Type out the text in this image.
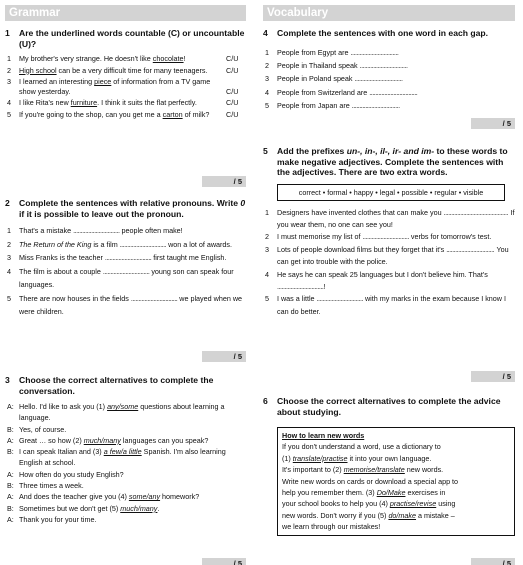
Grammar
1	Are the underlined words countable (C) or uncountable (U)?
1	My brother's very strange. He doesn't like chocolate!	C/U
2	High school can be a very difficult time for many teenagers.	C/U
3	I learned an interesting piece of information from a TV game show yesterday.	C/U
4	I like Rita's new furniture. I think it suits the flat perfectly.	C/U
5	If you're going to the shop, can you get me a carton of milk?	C/U
/ 5
2	Complete the sentences with relative pronouns. Write 0 if it is possible to leave out the pronoun.
1	That's a mistake ............................... people often make!
2	The Return of the King is a film ............................... won a lot of awards.
3	Miss Franks is the teacher ............................... first taught me English.
4	The film is about a couple ............................... young son can speak four languages.
5	There are now houses in the fields ............................... we played when we were children.
/ 5
3	Choose the correct alternatives to complete the conversation.
A: Hello. I'd like to ask you (1) any/some questions about learning a language.
B: Yes, of course.
A: Great … so how (2) much/many languages can you speak?
B: I can speak Italian and (3) a few/a little Spanish. I'm also learning English at school.
A: How often do you study English?
B: Three times a week.
A: And does the teacher give you (4) some/any homework?
B: Sometimes but we don't get (5) much/many.
A: Thank you for your time.
/ 5
Vocabulary
4	Complete the sentences with one word in each gap.
1	People from Egypt are ................................
2	People in Thailand speak ................................
3	People in Poland speak ................................
4	People from Switzerland are ................................
5	People from Japan are ................................
/ 5
5	Add the prefixes un-, in-, il-, ir- and im- to these words to make negative adjectives. Complete the sentences with the adjectives. There are two extra words.
correct • formal • happy • legal • possible • regular • visible
1	Designers have invented clothes that can make you ........................................... If you wear them, no one can see you!
2	I must memorise my list of ............................... verbs for tomorrow's test.
3	Lots of people download films but they forget that it's ................................ You can get into trouble with the police.
4	He says he can speak 25 languages but I don't believe him. That's ...............................!
5	I was a little ............................... with my marks in the exam because I know I can do better.
/ 5
6	Choose the correct alternatives to complete the advice about studying.
How to learn new words
If you don't understand a word, use a dictionary to
(1) translate/practise it into your own language.
It's important to (2) memorise/translate new words.
Write new words on cards or download a special app to
help you remember them. (3) Do/Make exercises in
your school books to help you (4) practise/revise using
new words. Don't worry if you (5) do/make a mistake –
we learn through our mistakes!
/ 5
